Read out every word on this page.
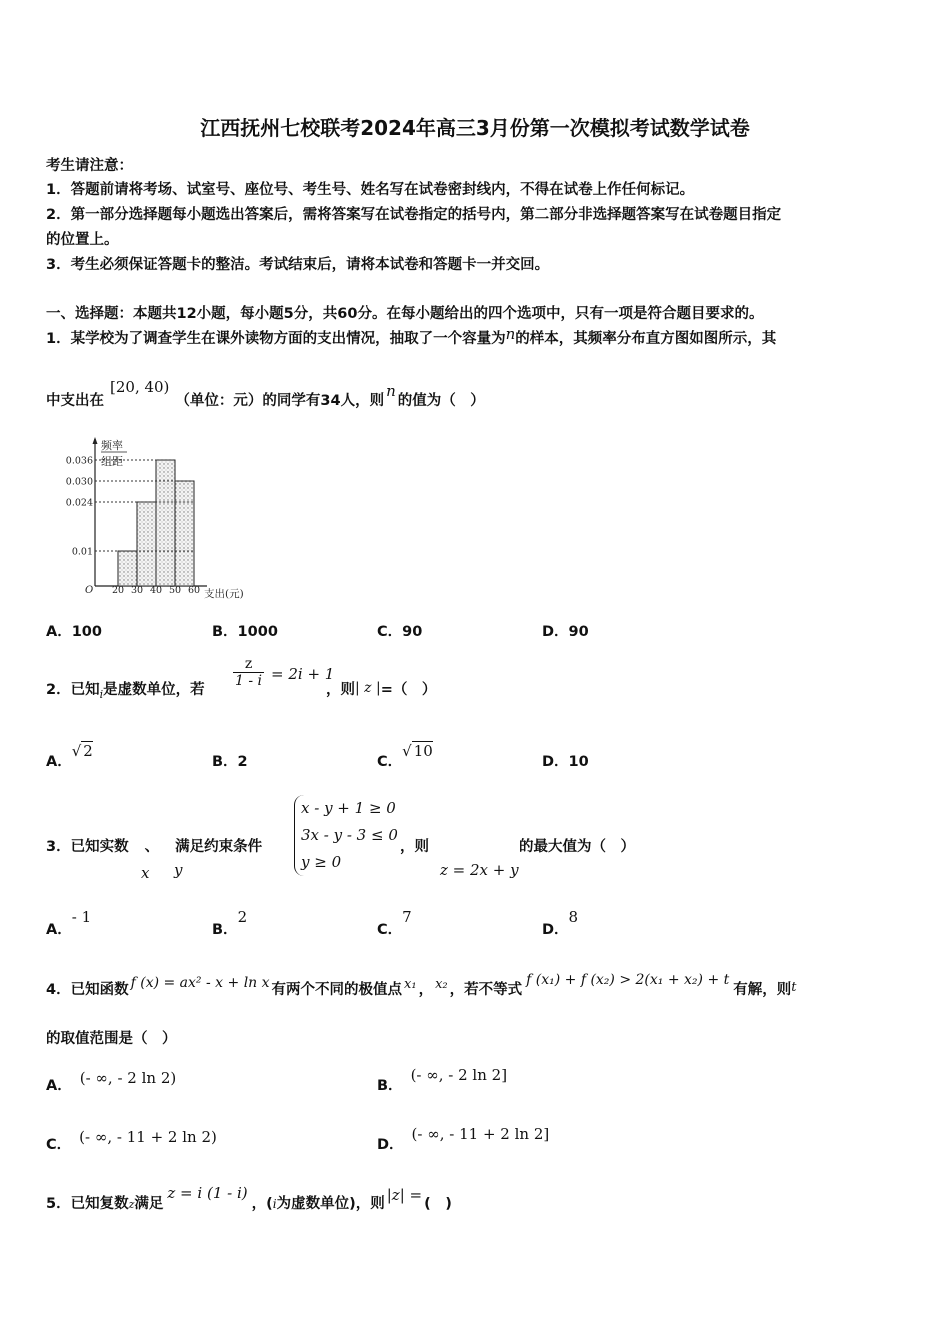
江西抚州七校联考2024年高三3月份第一次模拟考试数学试卷
考生请注意：
1．答题前请将考场、试室号、座位号、考生号、姓名写在试卷密封线内，不得在试卷上作任何标记。
2．第一部分选择题每小题选出答案后，需将答案写在试卷指定的括号内，第二部分非选择题答案写在试卷题目指定
的位置上。
3．考生必须保证答题卡的整洁。考试结束后，请将本试卷和答题卡一并交回。
一、选择题：本题共12小题，每小题5分，共60分。在每小题给出的四个选项中，只有一项是符合题目要求的。
1．某学校为了调查学生在课外读物方面的支出情况，抽取了一个容量为n的样本，其频率分布直方图如图所示，其
中支出在[20, 40)（单位：元）的同学有34人，则n的值为（　）
频率
组距
O	支出(元)
0.036
0.030
0.024
0.01
20 30 40 50 60
A．100	B．1000	C．90	D．90
2．已知$_i$是虚数单位，若
$\frac{z}{1 - i} = 2i + 1$
，则| z |=（　）
A．√ 2
B．2	C．√ 10
D．10
3．已知实数 、 满足约束条件
x y
x - y + 1 ≥ 0
3x - y - 3 ≤ 0
y ≥ 0
，则
z = 2x + y
的最大值为（　）
A．- 1
B．2
C．7
D．8
4．已知函数 f (x) = ax² - x + ln x 有两个不同的极值点 x₁ ， x₂ ，若不等式f (x₁) + f (x₂) > 2(x₁ + x₂) + t有解，则t
的取值范围是（　）
A． (- ∞, - 2 ln 2)	B．(- ∞, - 2 ln 2]
C． (- ∞, - 11 + 2 ln 2)	D．(- ∞, - 11 + 2 ln 2]
5．已知复数z满足z = i (1 - i)，(i为虚数单位)，则 |z| = (　)
